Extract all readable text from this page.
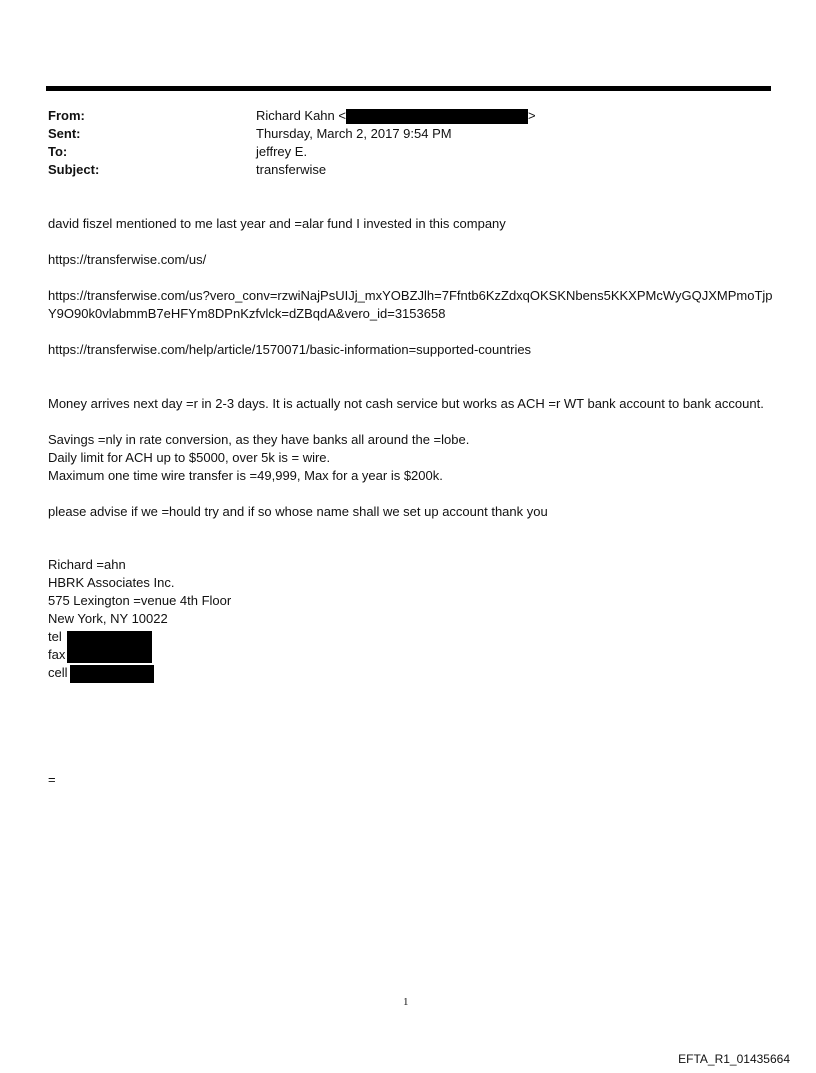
From:	Richard Kahn <	>
Sent:	Thursday, March 2, 2017 9:54 PM
To:	jeffrey E.
Subject:	transferwise

david fiszel mentioned to me last year and =alar fund I invested in this company

https://transferwise.com/us/

https://transferwise.com/us?vero_conv=rzwiNajPsUIJj_mxYOBZJlh=7Ffntb6KzZdxqOKSKNbens5KKXPMcWyGQJXMPmoTjpY9O90k0vlabmmB7eHFYm8DPnKzfvlck=dZBqdA&vero_id=3153658

https://transferwise.com/help/article/1570071/basic-information=supported-countries

Money arrives next day =r in 2-3 days. It is actually not cash service but works as ACH =r WT bank account to bank account.

Savings =nly in rate conversion, as they have banks all around the =lobe.

Daily limit for ACH up to $5000, over 5k is = wire.

Maximum one time wire transfer is =49,999, Max for a year is $200k.

please advise if we =hould try and if so whose name shall we set up account thank you

Richard =ahn
HBRK Associates Inc.
575 Lexington =venue 4th Floor
New York, NY 10022
tel
fax
cell
=
1
EFTA_R1_01435664
